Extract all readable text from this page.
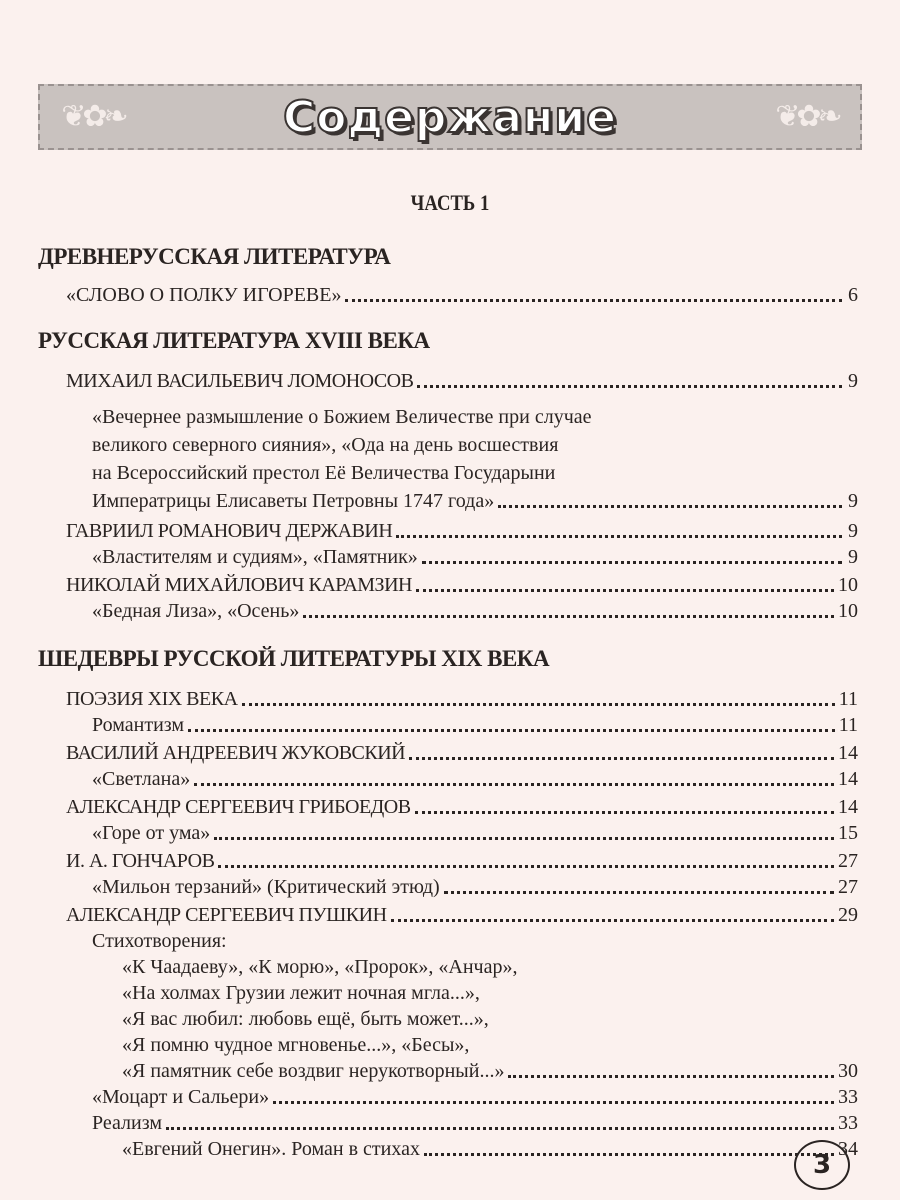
❦✿❧	Содержание	❦✿❧
ЧАСТЬ 1
ДРЕВНЕРУССКАЯ ЛИТЕРАТУРА
«СЛОВО О ПОЛКУ ИГОРЕВЕ»	6
РУССКАЯ ЛИТЕРАТУРА XVIII ВЕКА
МИХАИЛ ВАСИЛЬЕВИЧ ЛОМОНОСОВ	9
«Вечернее размышление о Божием Величестве при случае
великого северного сияния», «Ода на день восшествия
на Всероссийский престол Её Величества Государыни
Императрицы Елисаветы Петровны 1747 года»	9
ГАВРИИЛ РОМАНОВИЧ ДЕРЖАВИН	9
«Властителям и судиям», «Памятник»	9
НИКОЛАЙ МИХАЙЛОВИЧ КАРАМЗИН	10
«Бедная Лиза», «Осень»	10
ШЕДЕВРЫ РУССКОЙ ЛИТЕРАТУРЫ XIX ВЕКА
ПОЭЗИЯ XIX ВЕКА	11
Романтизм	11
ВАСИЛИЙ АНДРЕЕВИЧ ЖУКОВСКИЙ	14
«Светлана»	14
АЛЕКСАНДР СЕРГЕЕВИЧ ГРИБОЕДОВ	14
«Горе от ума»	15
И. А. ГОНЧАРОВ	27
«Мильон терзаний» (Критический этюд)	27
АЛЕКСАНДР СЕРГЕЕВИЧ ПУШКИН	29
Стихотворения:
«К Чаадаеву», «К морю», «Пророк», «Анчар»,
«На холмах Грузии лежит ночная мгла...»,
«Я вас любил: любовь ещё, быть может...»,
«Я помню чудное мгновенье...», «Бесы»,
«Я памятник себе воздвиг нерукотворный...»	30
«Моцарт и Сальери»	33
Реализм	33
«Евгений Онегин». Роман в стихах	34
3
